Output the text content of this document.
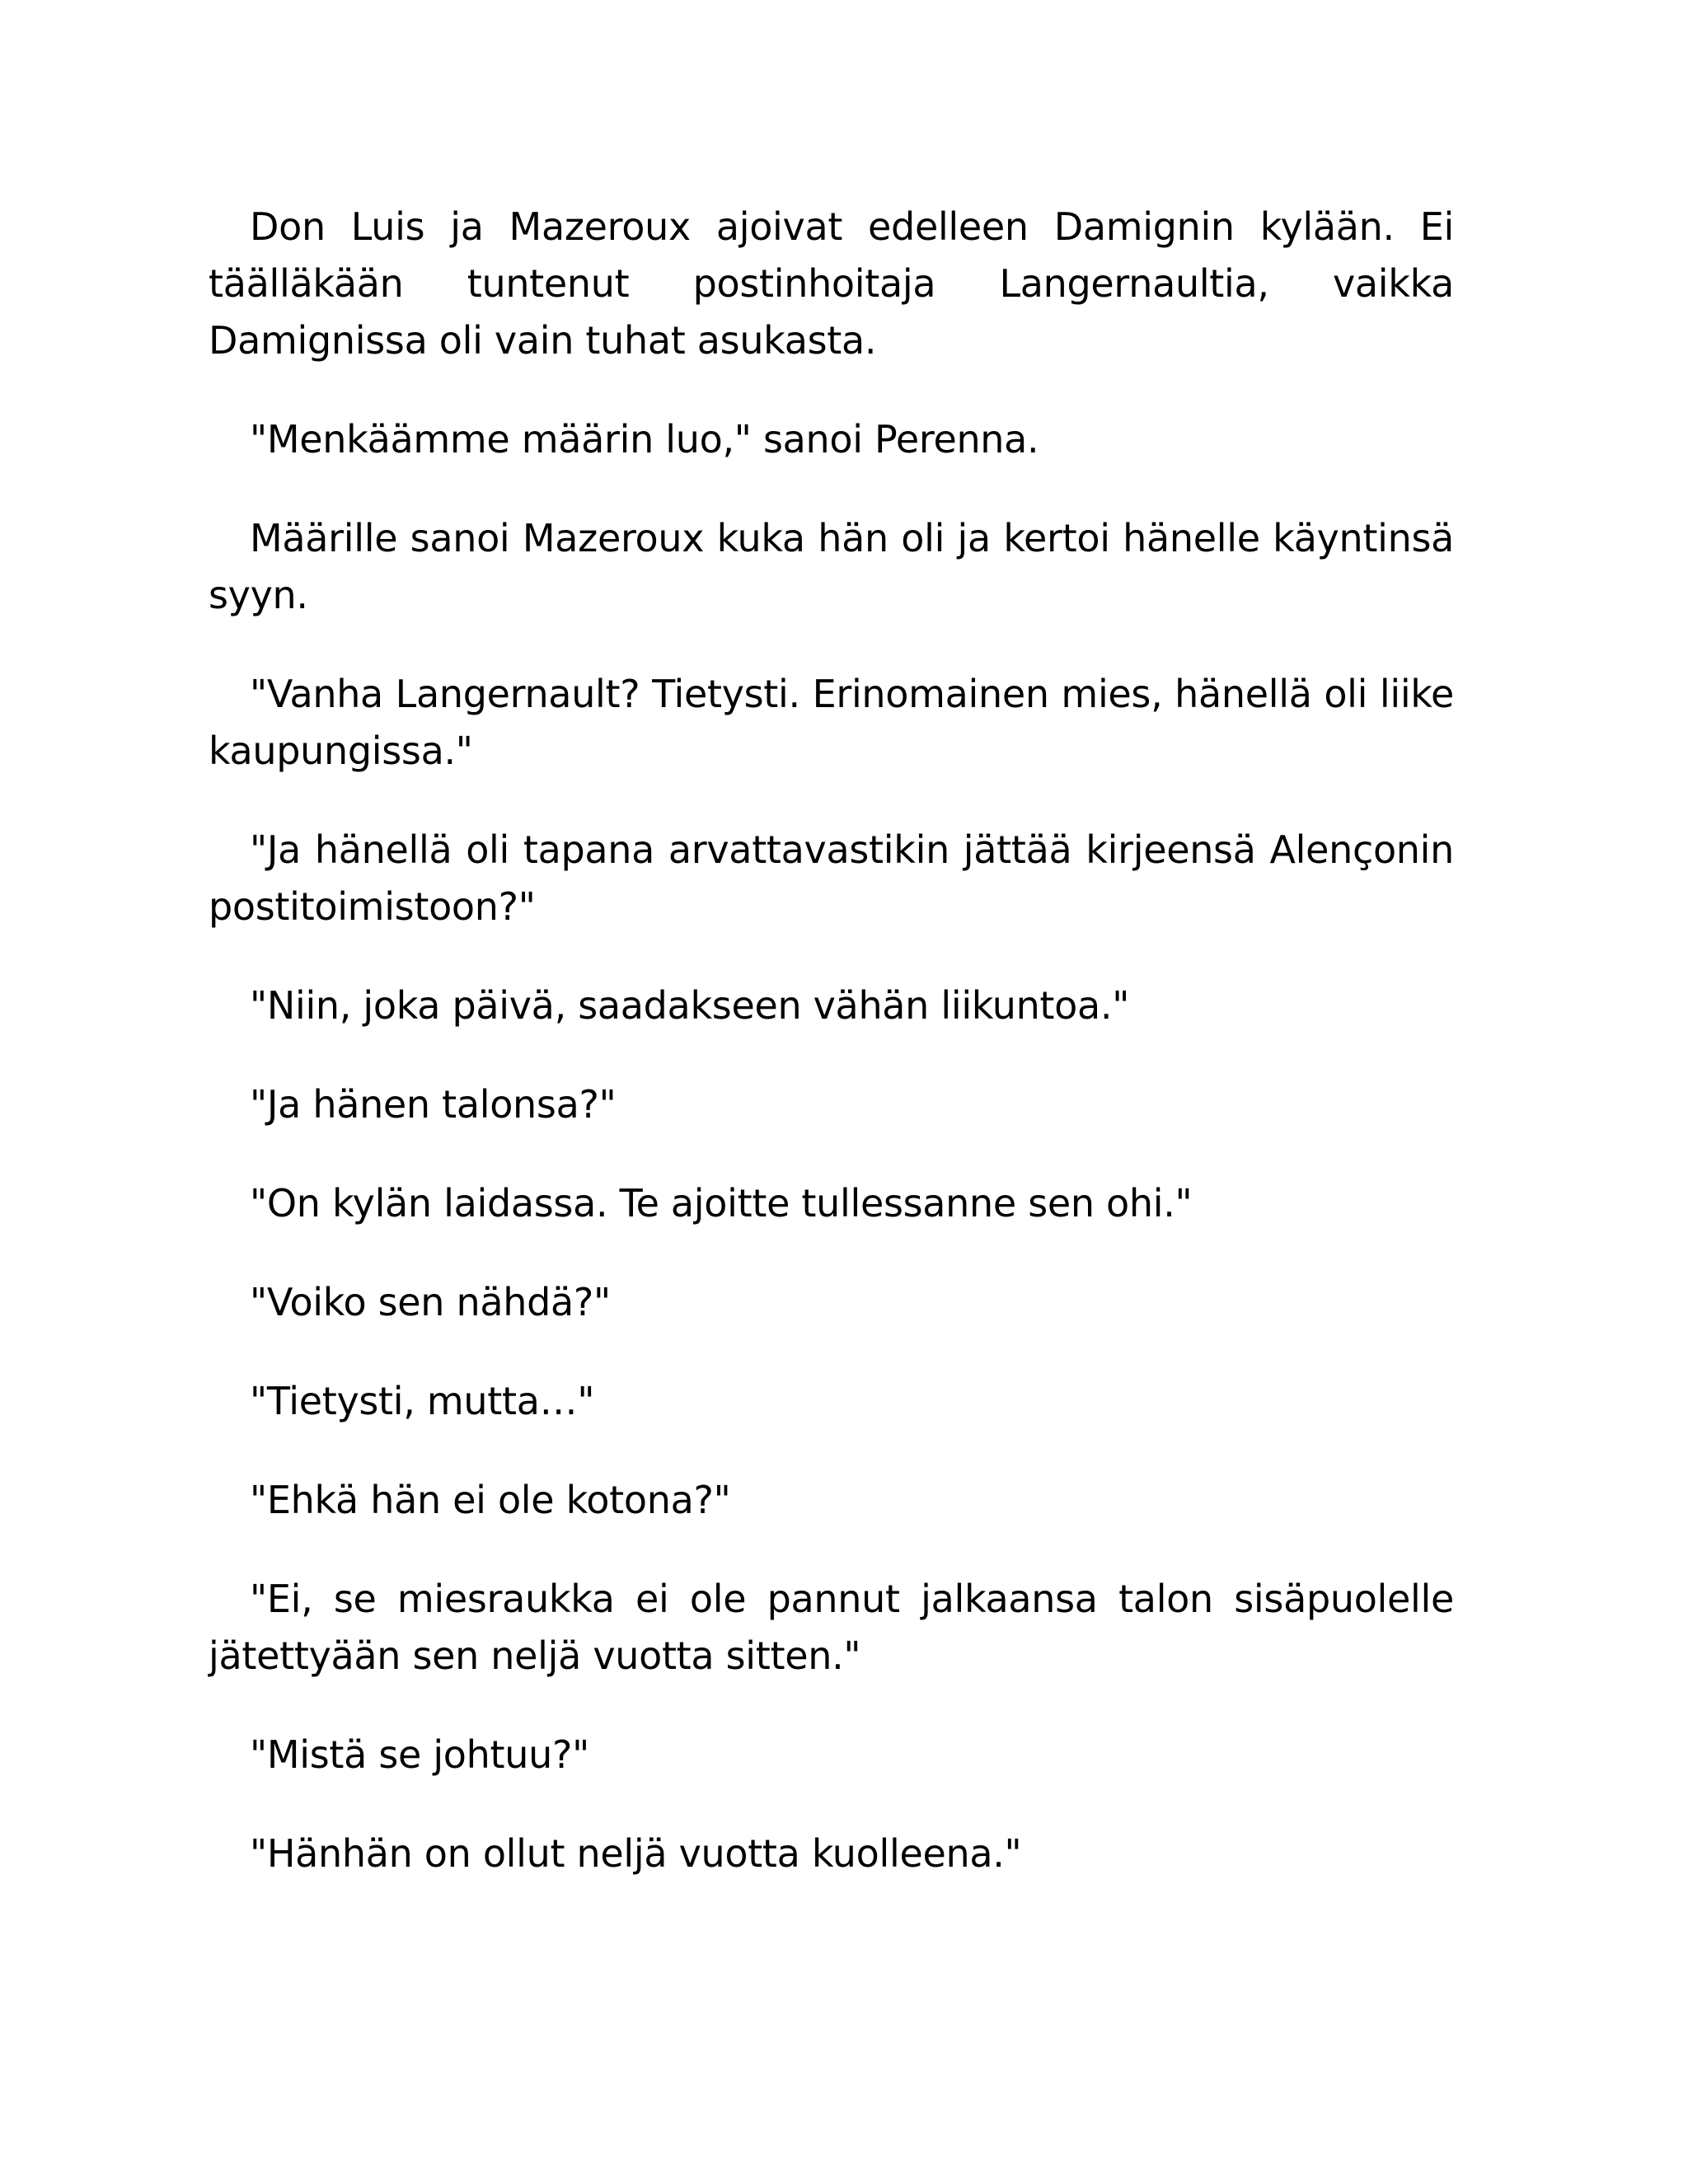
Don Luis ja Mazeroux ajoivat edelleen Damignin kylään. Ei täälläkään tuntenut postinhoitaja Langernaultia, vaikka Damignissa oli vain tuhat asukasta.

"Menkäämme määrin luo," sanoi Perenna.

Määrille sanoi Mazeroux kuka hän oli ja kertoi hänelle käyntinsä syyn.

"Vanha Langernault? Tietysti. Erinomainen mies, hänellä oli liike kaupungissa."

"Ja hänellä oli tapana arvattavastikin jättää kirjeensä Alençonin postitoimistoon?"

"Niin, joka päivä, saadakseen vähän liikuntoa."

"Ja hänen talonsa?"

"On kylän laidassa. Te ajoitte tullessanne sen ohi."

"Voiko sen nähdä?"

"Tietysti, mutta…"

"Ehkä hän ei ole kotona?"

"Ei, se miesraukka ei ole pannut jalkaansa talon sisäpuolelle jätettyään sen neljä vuotta sitten."

"Mistä se johtuu?"

"Hänhän on ollut neljä vuotta kuolleena."
